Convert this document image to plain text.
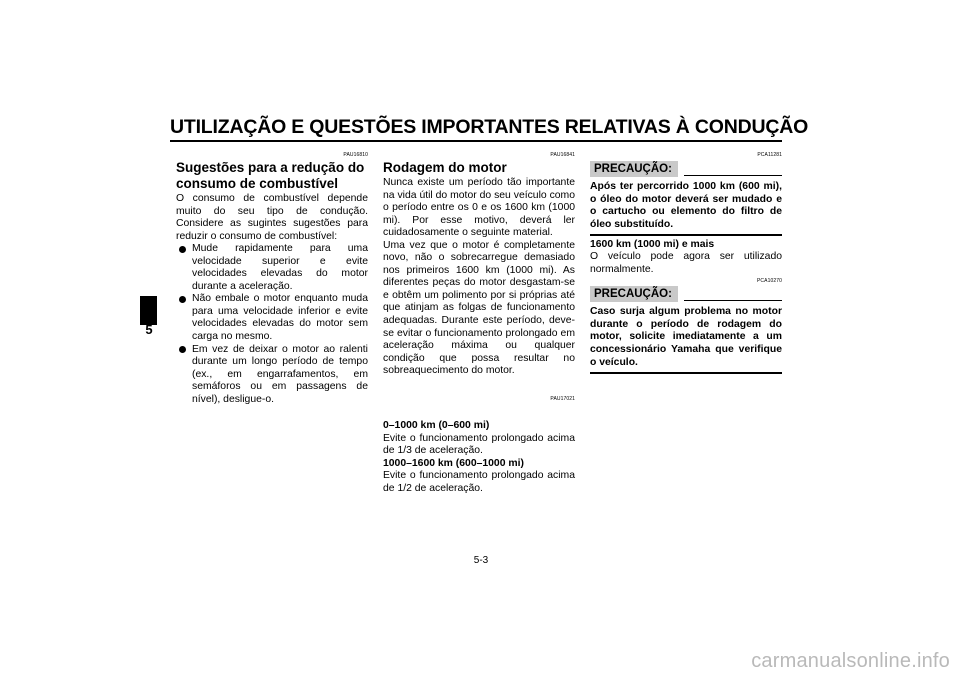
UTILIZAÇÃO E QUESTÕES IMPORTANTES RELATIVAS À CONDUÇÃO
5
PAU16810
Sugestões para a redução do consumo de combustível

O consumo de combustível depende muito do seu tipo de condução. Considere as sugintes sugestões para reduzir o consumo de combustível:

Mude rapidamente para uma velocidade superior e evite velocidades elevadas do motor durante a aceleração.
Não embale o motor enquanto muda para uma velocidade inferior e evite velocidades elevadas do motor sem carga no mesmo.
Em vez de deixar o motor ao ralenti durante um longo período de tempo (ex., em engarrafamentos, em semáforos ou em passagens de nível), desligue-o.
PAU16841
Rodagem do motor

Nunca existe um período tão importante na vida útil do motor do seu veículo como o período entre os 0 e os 1600 km (1000 mi). Por esse motivo, deverá ler cuidadosamente o seguinte material.

Uma vez que o motor é completamente novo, não o sobrecarregue demasiado nos primeiros 1600 km (1000 mi). As diferentes peças do motor desgastam-se e obtêm um polimento por si próprias até que atinjam as folgas de funcionamento adequadas. Durante este período, deve-se evitar o funcionamento prolongado em aceleração máxima ou qualquer condição que possa resultar no sobreaquecimento do motor.

PAU17021

0–1000 km (0–600 mi)

Evite o funcionamento prolongado acima de 1/3 de aceleração.

1000–1600 km (600–1000 mi)

Evite o funcionamento prolongado acima de 1/2 de aceleração.

PCA11281
PRECAUÇÃO:
Após ter percorrido 1000 km (600 mi), o óleo do motor deverá ser mudado e o cartucho ou elemento do filtro de óleo substituído.

1600 km (1000 mi) e mais

O veículo pode agora ser utilizado normalmente.

PCA10270
PRECAUÇÃO:
Caso surja algum problema no motor durante o período de rodagem do motor, solicite imediatamente a um concessionário Yamaha que verifique o veículo.
5-3
carmanualsonline.info
